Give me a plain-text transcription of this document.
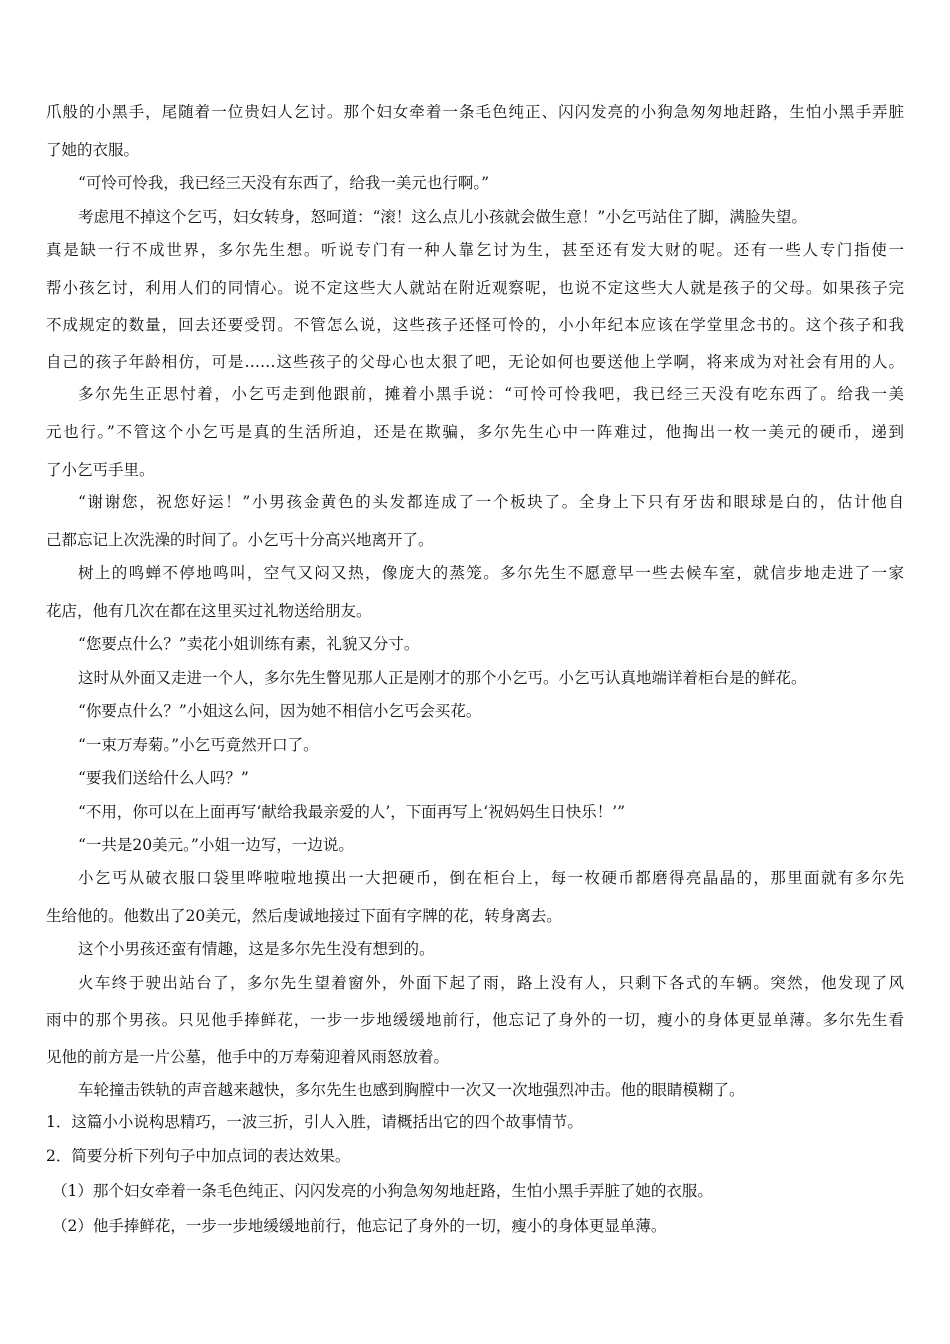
爪般的小黑手，尾随着一位贵妇人乞讨。那个妇女牵着一条毛色纯正、闪闪发亮的小狗急匆匆地赶路，生怕小黑手弄脏
了她的衣服。
“可怜可怜我，我已经三天没有东西了，给我一美元也行啊。”
考虑甩不掉这个乞丐，妇女转身，怒呵道：“滚！这么点儿小孩就会做生意！”小乞丐站住了脚，满脸失望。
真是缺一行不成世界，多尔先生想。听说专门有一种人靠乞讨为生，甚至还有发大财的呢。还有一些人专门指使一
帮小孩乞讨，利用人们的同情心。说不定这些大人就站在附近观察呢，也说不定这些大人就是孩子的父母。如果孩子完
不成规定的数量，回去还要受罚。不管怎么说，这些孩子还怪可怜的，小小年纪本应该在学堂里念书的。这个孩子和我
自己的孩子年龄相仿，可是……这些孩子的父母心也太狠了吧，无论如何也要送他上学啊，将来成为对社会有用的人。
多尔先生正思忖着，小乞丐走到他跟前，摊着小黑手说：“可怜可怜我吧，我已经三天没有吃东西了。给我一美
元也行。”不管这个小乞丐是真的生活所迫，还是在欺骗，多尔先生心中一阵难过，他掏出一枚一美元的硬币，递到
了小乞丐手里。
“谢谢您，祝您好运！”小男孩金黄色的头发都连成了一个板块了。全身上下只有牙齿和眼球是白的，估计他自
己都忘记上次洗澡的时间了。小乞丐十分高兴地离开了。
树上的鸣蝉不停地鸣叫，空气又闷又热，像庞大的蒸笼。多尔先生不愿意早一些去候车室，就信步地走进了一家
花店，他有几次在都在这里买过礼物送给朋友。
“您要点什么？”卖花小姐训练有素，礼貌又分寸。
这时从外面又走进一个人，多尔先生瞥见那人正是刚才的那个小乞丐。小乞丐认真地端详着柜台是的鲜花。
“你要点什么？”小姐这么问，因为她不相信小乞丐会买花。
“一束万寿菊。”小乞丐竟然开口了。
“要我们送给什么人吗？”
“不用，你可以在上面再写‘献给我最亲爱的人’，下面再写上‘祝妈妈生日快乐！’”
“一共是20美元。”小姐一边写，一边说。
小乞丐从破衣服口袋里哗啦啦地摸出一大把硬币，倒在柜台上，每一枚硬币都磨得亮晶晶的，那里面就有多尔先
生给他的。他数出了20美元，然后虔诚地接过下面有字牌的花，转身离去。
这个小男孩还蛮有情趣，这是多尔先生没有想到的。
火车终于驶出站台了，多尔先生望着窗外，外面下起了雨，路上没有人，只剩下各式的车辆。突然，他发现了风
雨中的那个男孩。只见他手捧鲜花，一步一步地缓缓地前行，他忘记了身外的一切，瘦小的身体更显单薄。多尔先生看
见他的前方是一片公墓，他手中的万寿菊迎着风雨怒放着。
车轮撞击铁轨的声音越来越快，多尔先生也感到胸膛中一次又一次地强烈冲击。他的眼睛模糊了。
1．这篇小小说构思精巧，一波三折，引人入胜，请概括出它的四个故事情节。
2．简要分析下列句子中加点词的表达效果。
（1）那个妇女牵着一条毛色纯正、闪闪发亮的小狗急匆匆地赶路，生怕小黑手弄脏了她的衣服。
（2）他手捧鲜花，一步一步地缓缓地前行，他忘记了身外的一切，瘦小的身体更显单薄。
